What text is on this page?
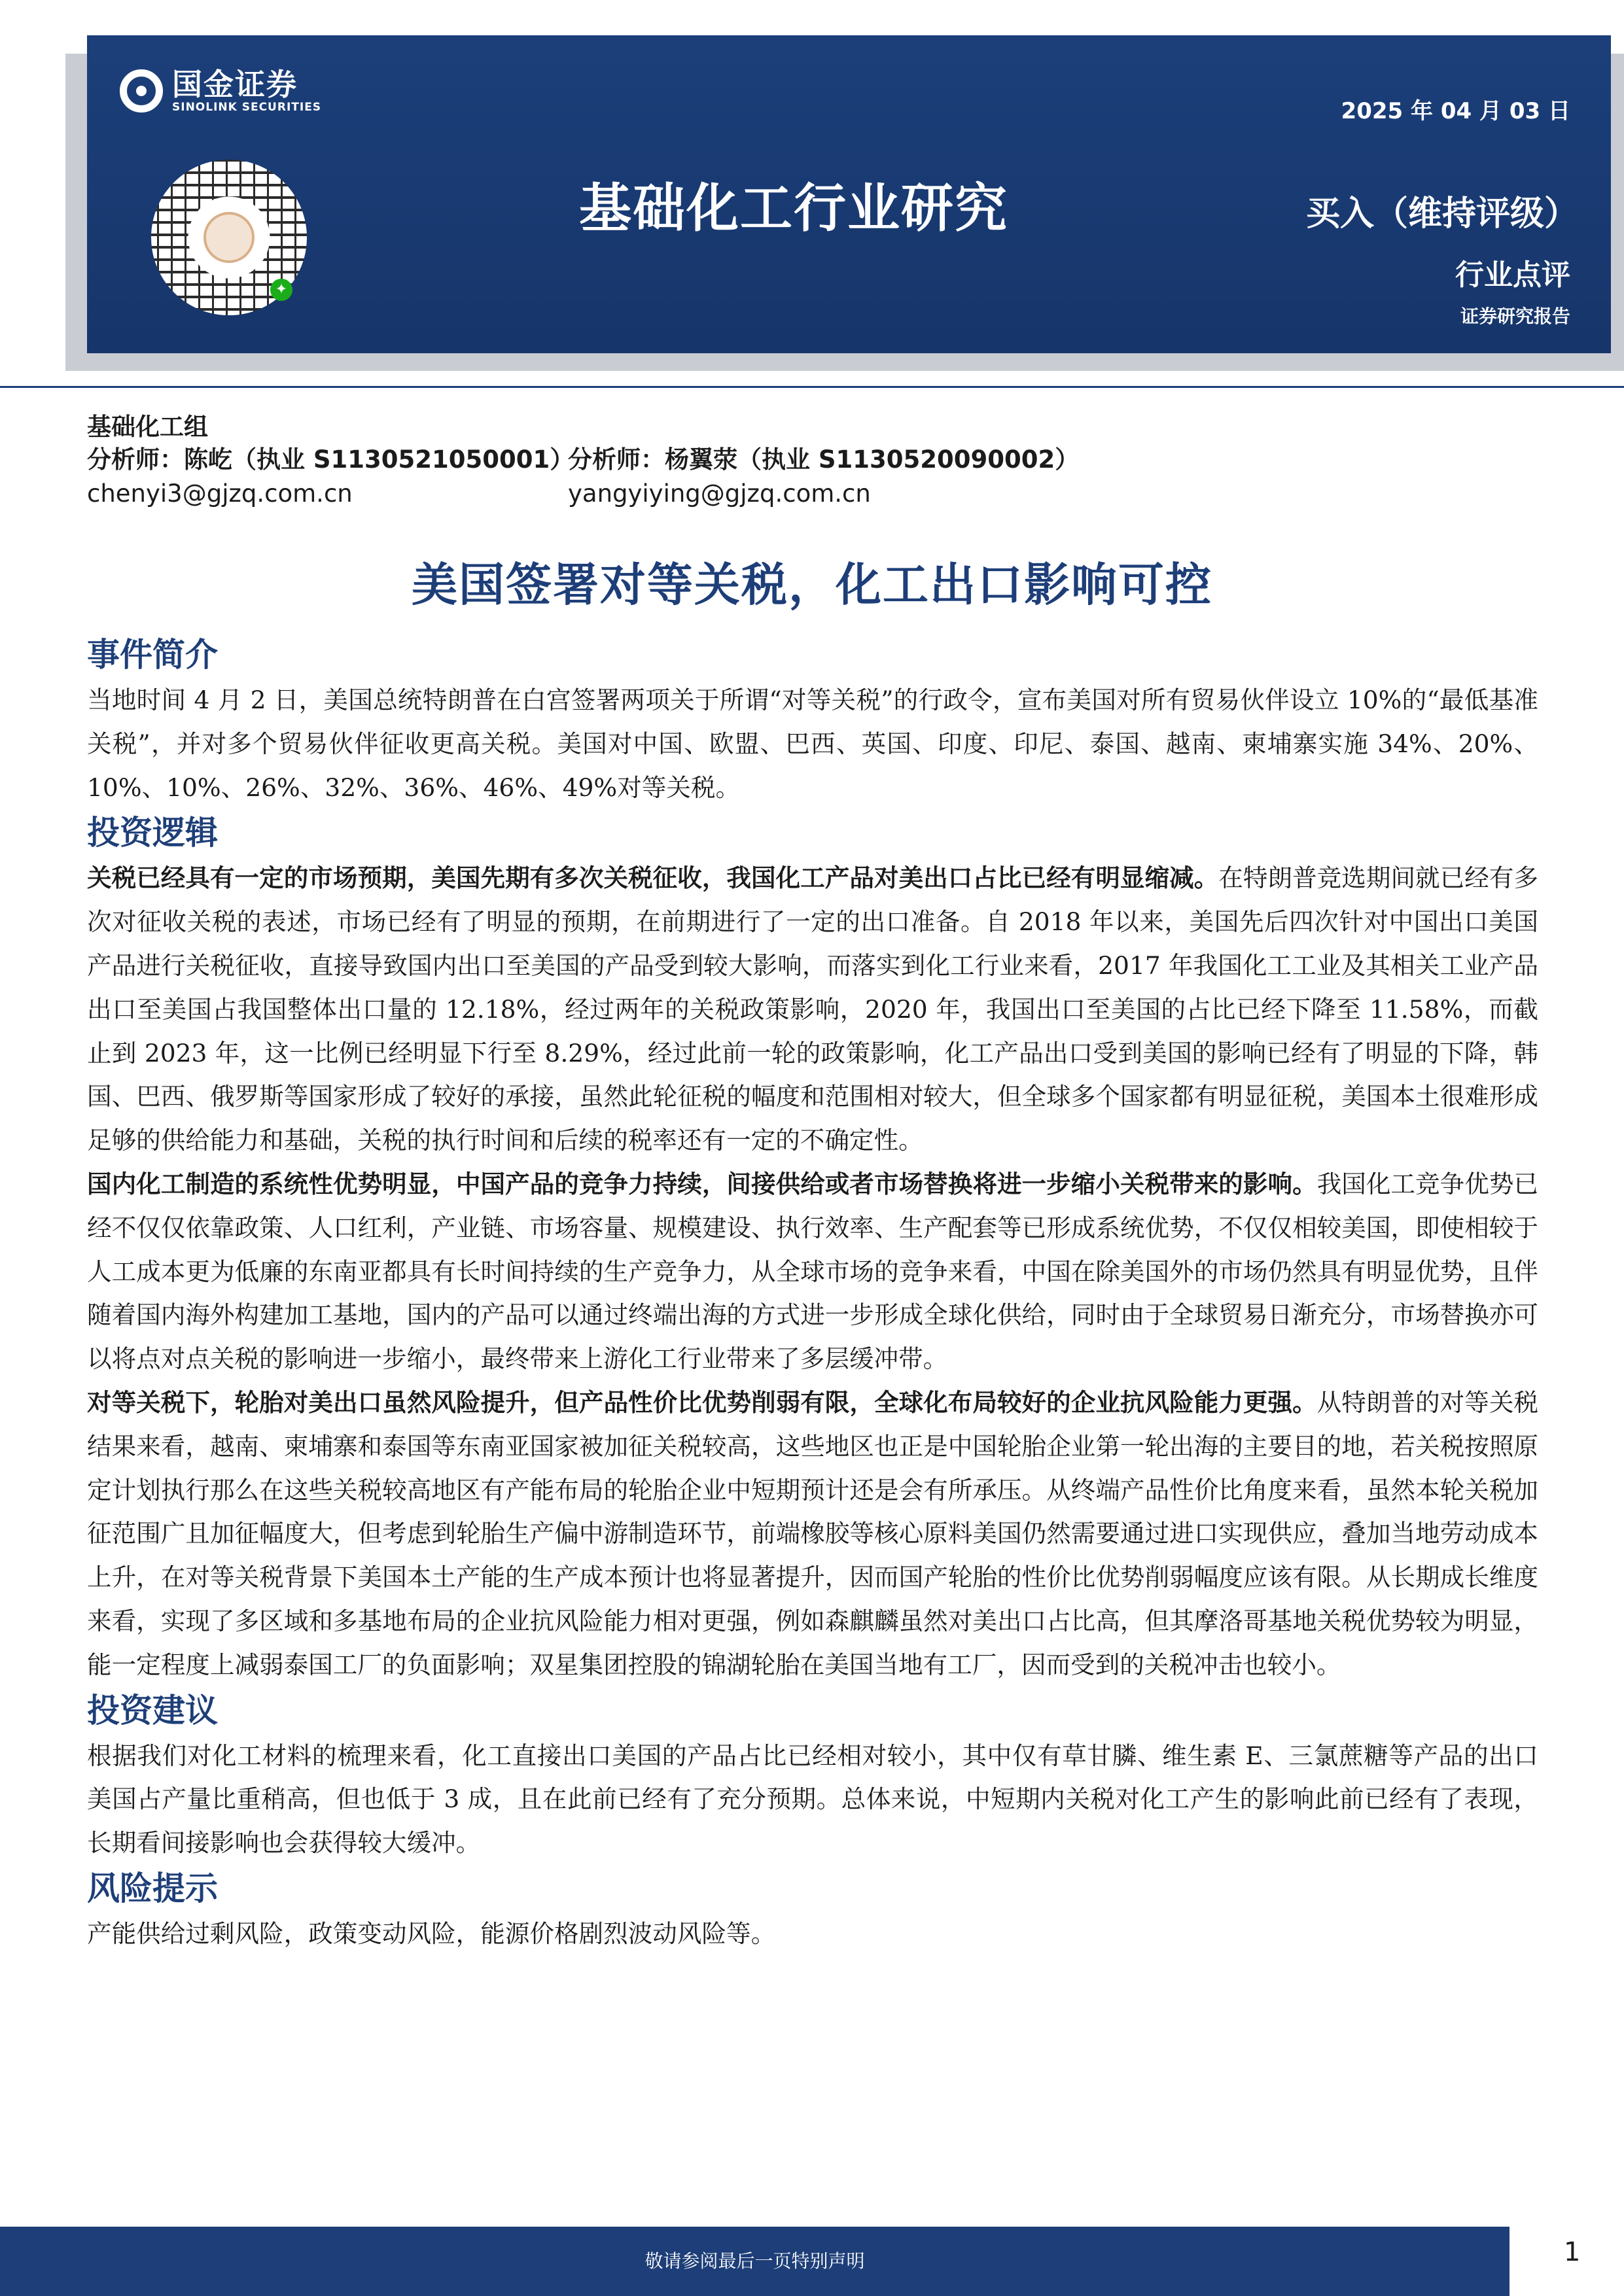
国金证券
SINOLINK SECURITIES
✦
2025 年 04 月 03 日
基础化工行业研究	买入（维持评级）
行业点评
证券研究报告
基础化工组
分析师：陈屹（执业 S1130521050001）
chenyi3@gjzq.com.cn
分析师：杨翼荥（执业 S1130520090002）
yangyiying@gjzq.com.cn
美国签署对等关税，化工出口影响可控
事件简介

当地时间 4 月 2 日，美国总统特朗普在白宫签署两项关于所谓“对等关税”的行政令，宣布美国对所有贸易伙伴设立 10%的“最低基准关税”，并对多个贸易伙伴征收更高关税。美国对中国、欧盟、巴西、英国、印度、印尼、泰国、越南、柬埔寨实施 34%、20%、10%、10%、26%、32%、36%、46%、49%对等关税。

投资逻辑

关税已经具有一定的市场预期，美国先期有多次关税征收，我国化工产品对美出口占比已经有明显缩减。在特朗普竞选期间就已经有多次对征收关税的表述，市场已经有了明显的预期，在前期进行了一定的出口准备。自 2018 年以来，美国先后四次针对中国出口美国产品进行关税征收，直接导致国内出口至美国的产品受到较大影响，而落实到化工行业来看，2017 年我国化工工业及其相关工业产品出口至美国占我国整体出口量的 12.18%，经过两年的关税政策影响，2020 年，我国出口至美国的占比已经下降至 11.58%，而截止到 2023 年，这一比例已经明显下行至 8.29%，经过此前一轮的政策影响，化工产品出口受到美国的影响已经有了明显的下降，韩国、巴西、俄罗斯等国家形成了较好的承接，虽然此轮征税的幅度和范围相对较大，但全球多个国家都有明显征税，美国本土很难形成足够的供给能力和基础，关税的执行时间和后续的税率还有一定的不确定性。

国内化工制造的系统性优势明显，中国产品的竞争力持续，间接供给或者市场替换将进一步缩小关税带来的影响。我国化工竞争优势已经不仅仅依靠政策、人口红利，产业链、市场容量、规模建设、执行效率、生产配套等已形成系统优势，不仅仅相较美国，即使相较于人工成本更为低廉的东南亚都具有长时间持续的生产竞争力，从全球市场的竞争来看，中国在除美国外的市场仍然具有明显优势，且伴随着国内海外构建加工基地，国内的产品可以通过终端出海的方式进一步形成全球化供给，同时由于全球贸易日渐充分，市场替换亦可以将点对点关税的影响进一步缩小，最终带来上游化工行业带来了多层缓冲带。

对等关税下，轮胎对美出口虽然风险提升，但产品性价比优势削弱有限，全球化布局较好的企业抗风险能力更强。从特朗普的对等关税结果来看，越南、柬埔寨和泰国等东南亚国家被加征关税较高，这些地区也正是中国轮胎企业第一轮出海的主要目的地，若关税按照原定计划执行那么在这些关税较高地区有产能布局的轮胎企业中短期预计还是会有所承压。从终端产品性价比角度来看，虽然本轮关税加征范围广且加征幅度大，但考虑到轮胎生产偏中游制造环节，前端橡胶等核心原料美国仍然需要通过进口实现供应，叠加当地劳动成本上升，在对等关税背景下美国本土产能的生产成本预计也将显著提升，因而国产轮胎的性价比优势削弱幅度应该有限。从长期成长维度来看，实现了多区域和多基地布局的企业抗风险能力相对更强，例如森麒麟虽然对美出口占比高，但其摩洛哥基地关税优势较为明显，能一定程度上减弱泰国工厂的负面影响；双星集团控股的锦湖轮胎在美国当地有工厂，因而受到的关税冲击也较小。

投资建议

根据我们对化工材料的梳理来看，化工直接出口美国的产品占比已经相对较小，其中仅有草甘膦、维生素 E、三氯蔗糖等产品的出口美国占产量比重稍高，但也低于 3 成，且在此前已经有了充分预期。总体来说，中短期内关税对化工产生的影响此前已经有了表现，长期看间接影响也会获得较大缓冲。

风险提示

产能供给过剩风险，政策变动风险，能源价格剧烈波动风险等。

敬请参阅最后一页特别声明	1
